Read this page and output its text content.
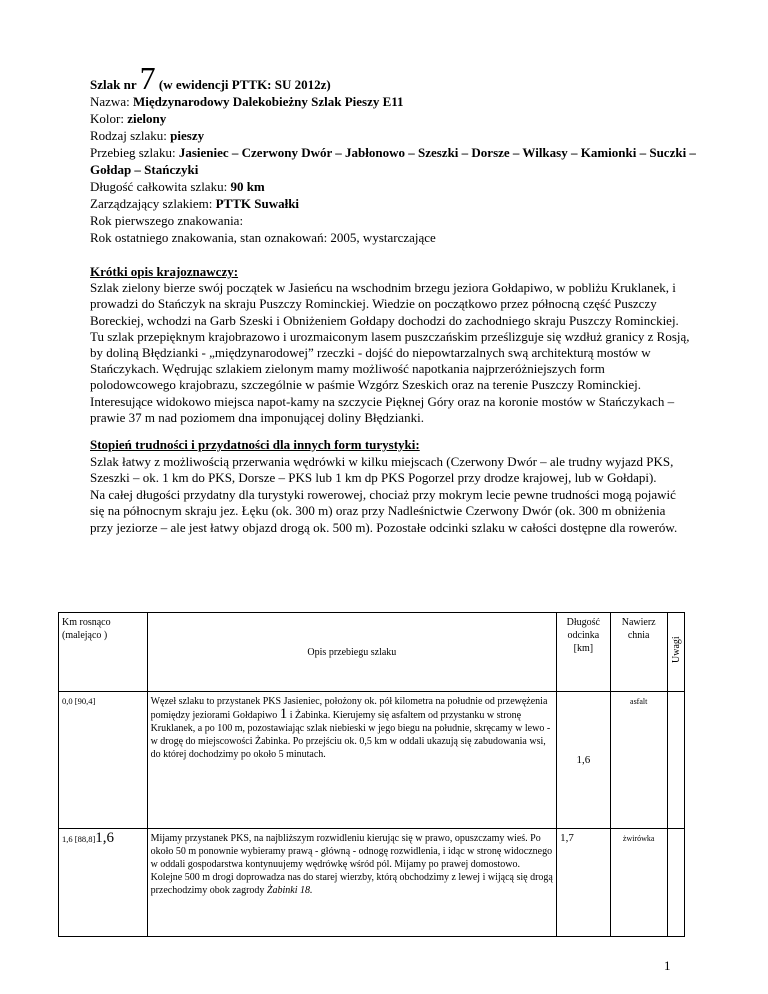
Szlak nr 7 (w ewidencji PTTK: SU 2012z)
Nazwa: Międzynarodowy Dalekobieżny Szlak Pieszy E11
Kolor: zielony
Rodzaj szlaku: pieszy
Przebieg szlaku: Jasieniec – Czerwony Dwór – Jabłonowo – Szeszki – Dorsze – Wilkasy – Kamionki – Suczki – Gołdap – Stańczyki
Długość całkowita szlaku: 90 km
Zarządzający szlakiem: PTTK Suwałki
Rok pierwszego znakowania:
Rok ostatniego znakowania, stan oznakowań: 2005, wystarczające
Krótki opis krajoznawczy:
Szlak zielony bierze swój początek w Jasieńcu na wschodnim brzegu jeziora Gołdapiwo, w pobliżu Kruklanek, i prowadzi do Stańczyk na skraju Puszczy Rominckiej. Wiedzie on początkowo przez północną część Puszczy Boreckiej, wchodzi na Garb Szeski i Obniżeniem Gołdapy dochodzi do zachodniego skraju Puszczy Rominckiej. Tu szlak przepięknym krajobrazowo i urozmaiconym lasem puszczańskim prześlizguje się wzdłuż granicy z Rosją, by doliną Błędzianki - „międzynarodowej” rzeczki - dojść do niepowtarzalnych swą architekturą mostów w Stańczykach. Wędrując szlakiem zielonym mamy możliwość napotkania najprzeróżniejszych form polodowcowego krajobrazu, szczególnie w paśmie Wzgórz Szeskich oraz na terenie Puszczy Rominckiej. Interesujące widokowo miejsca napot-kamy na szczycie Pięknej Góry oraz na koronie mostów w Stańczykach – prawie 37 m nad poziomem dna imponującej doliny Błędzianki.
Stopień trudności i przydatności dla innych form turystyki:
Szlak łatwy z możliwością przerwania wędrówki w kilku miejscach (Czerwony Dwór – ale trudny wyjazd PKS, Szeszki – ok. 1 km do PKS, Dorsze – PKS lub 1 km dp PKS Pogorzel przy drodze krajowej, lub w Gołdapi).
Na całej długości przydatny dla turystyki rowerowej, chociaż przy mokrym lecie pewne trudności mogą pojawić się na północnym skraju jez. Łęku (ok. 300 m) oraz przy Nadleśnictwie Czerwony Dwór (ok. 300 m obniżenia przy jeziorze – ale jest łatwy objazd drogą ok. 500 m). Pozostałe odcinki szlaku w całości dostępne dla rowerów.
Km rosnąco (malejąco )	Opis przebiegu szlaku	Długość odcinka [km]	Nawierz chnia	Uwagi

0,0 [90,4]	Węzeł szlaku to przystanek PKS Jasieniec, położony ok. pół kilometra na południe od przewężenia pomiędzy jeziorami Gołdapiwo 1 i Żabinka. Kierujemy się asfaltem od przystanku w stronę Kruklanek, a po 100 m, pozostawiając szlak niebieski w jego biegu na południe, skręcamy w lewo - w drogę do miejscowości Żabinka. Po przejściu ok. 0,5 km w oddali ukazują się zabudowania wsi, do której dochodzimy po około 5 minutach.	1,6	asfalt	
1,6 [88,8]1,6	Mijamy przystanek PKS, na najbliższym rozwidleniu kierując się w prawo, opuszczamy wieś. Po około 50 m ponownie wybieramy prawą - główną - odnogę rozwidlenia, i idąc w stronę widocznego w oddali gospodarstwa kontynuujemy wędrówkę wśród pól. Mijamy po prawej domostowo. Kolejne 500 m drogi doprowadza nas do starej wierzby, którą obchodzimy z lewej i wijącą się drogą przechodzimy obok zagrody Żabinki 18.	1,7	żwirówka	
1
